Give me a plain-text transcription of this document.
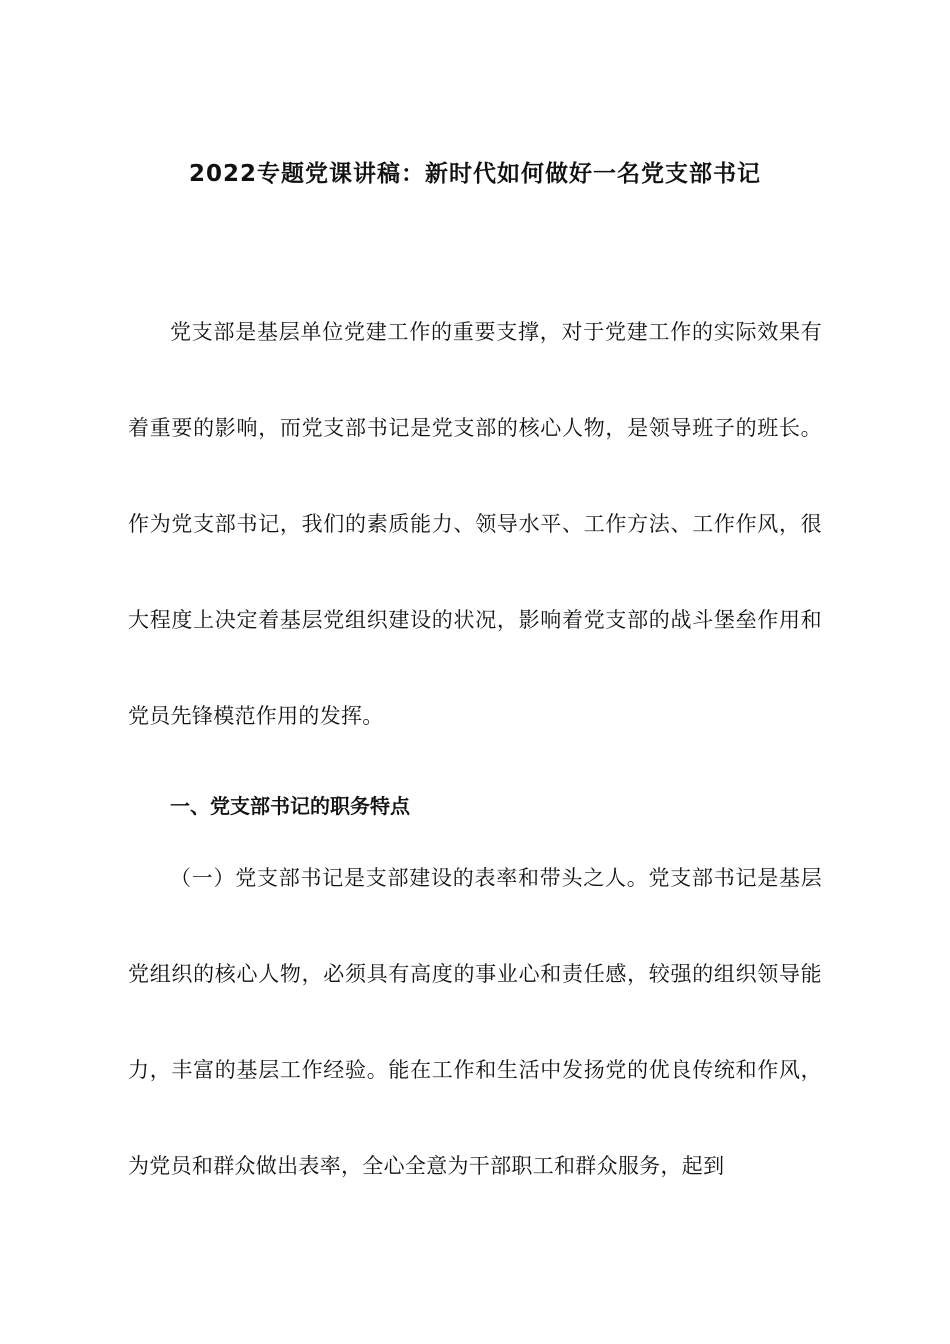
2022专题党课讲稿：新时代如何做好一名党支部书记

党支部是基层单位党建工作的重要支撑，对于党建工作的实际效果有着重要的影响，而党支部书记是党支部的核心人物，是领导班子的班长。作为党支部书记，我们的素质能力、领导水平、工作方法、工作作风，很大程度上决定着基层党组织建设的状况，影响着党支部的战斗堡垒作用和党员先锋模范作用的发挥。

一、党支部书记的职务特点

（一）党支部书记是支部建设的表率和带头之人。党支部书记是基层党组织的核心人物，必须具有高度的事业心和责任感，较强的组织领导能力，丰富的基层工作经验。能在工作和生活中发扬党的优良传统和作风，为党员和群众做出表率，全心全意为干部职工和群众服务，起到
